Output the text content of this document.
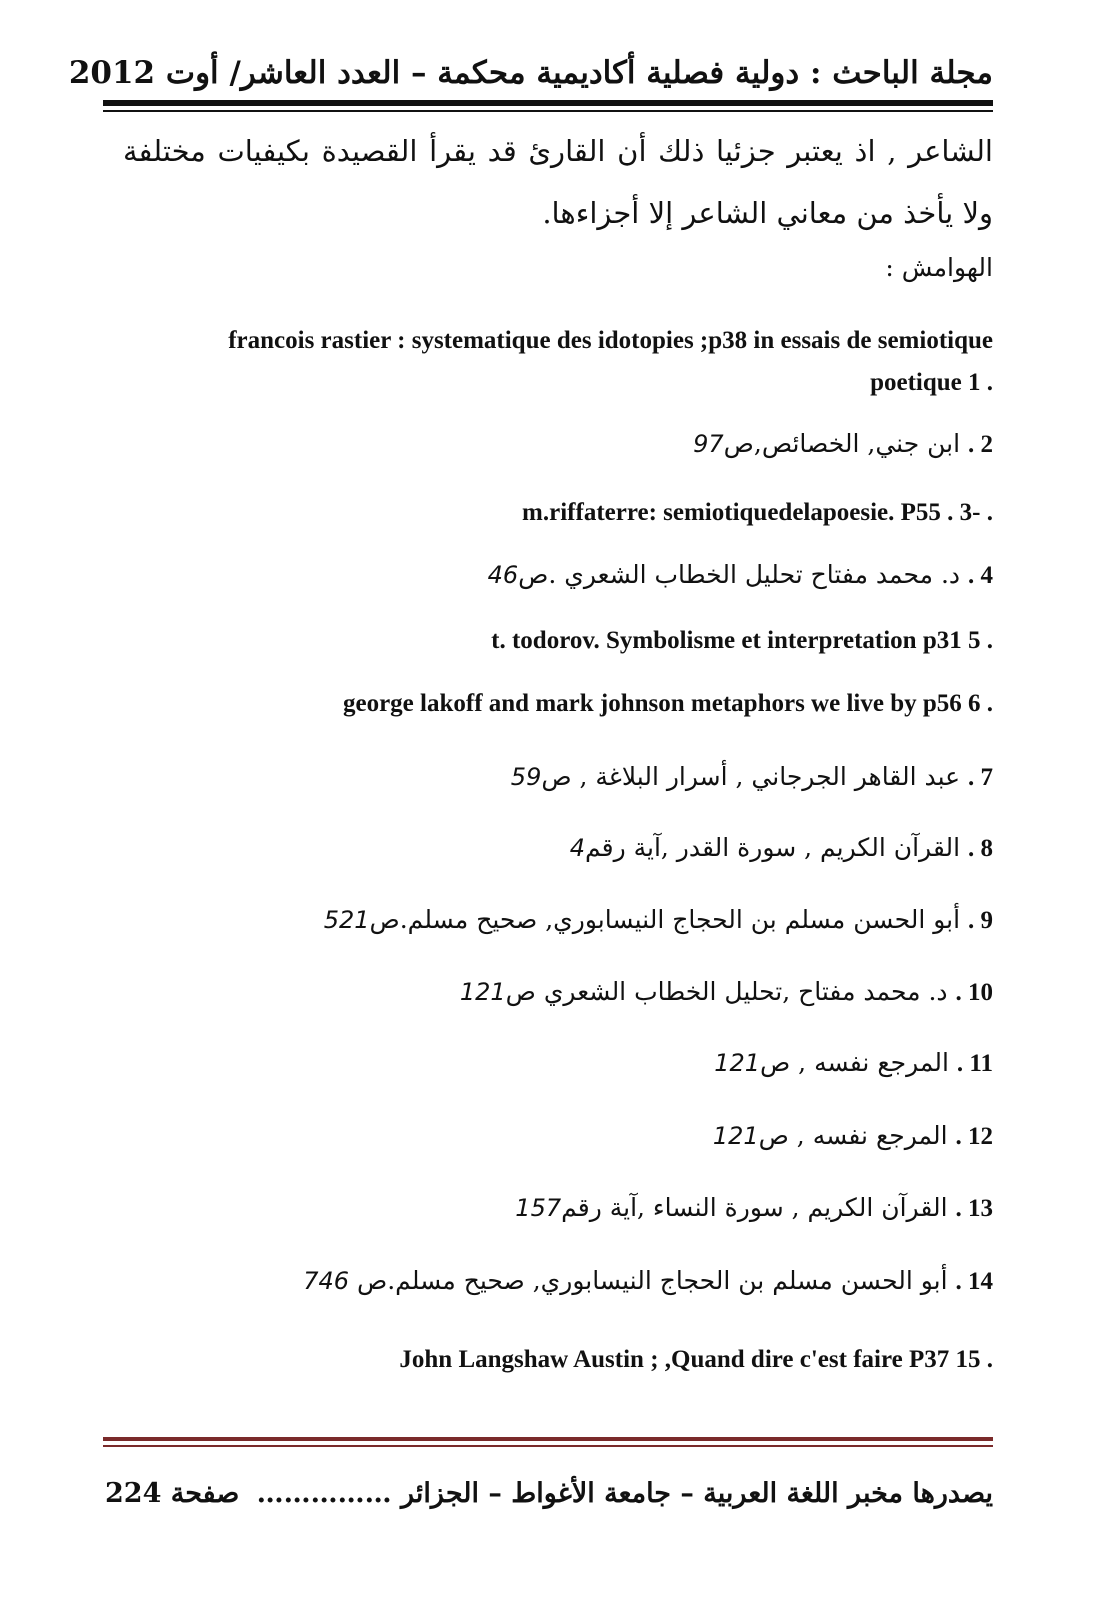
مجلة الباحث : دولية فصلية أكاديمية محكمة – العدد العاشر/ أوت 2012
الشاعر , اذ يعتبر جزئيا ذلك أن القارئ قد يقرأ القصيدة بكيفيات مختلفة ولا يأخذ من معاني الشاعر إلا أجزاءها.
الهوامش :
francois rastier : systematique des idotopies ;p38 in essais de semiotique poetique 1 .
2 . ابن جني, الخصائص,ص97
m.riffaterre: semiotiquedelapoesie. P55 . 3- .
4 . د. محمد مفتاح تحليل الخطاب الشعري .ص46
t. todorov. Symbolisme et interpretation p31 5 .
george lakoff and mark johnson metaphors we live by p56 6 .
7 . عبد القاهر الجرجاني , أسرار البلاغة , ص59
8 . القرآن الكريم , سورة القدر ,آية رقم4
9 . أبو الحسن مسلم بن الحجاج النيسابوري, صحيح مسلم.ص521
10 . د. محمد مفتاح ,تحليل الخطاب الشعري ص121
11 . المرجع نفسه , ص121
12 . المرجع نفسه , ص121
13 . القرآن الكريم , سورة النساء ,آية رقم157
14 . أبو الحسن مسلم بن الحجاج النيسابوري, صحيح مسلم.ص 746
John Langshaw Austin ; ,Quand dire c'est faire P37 15 .
يصدرها مخبر اللغة العربية – جامعة الأغواط – الجزائر ……………
صفحة 224
